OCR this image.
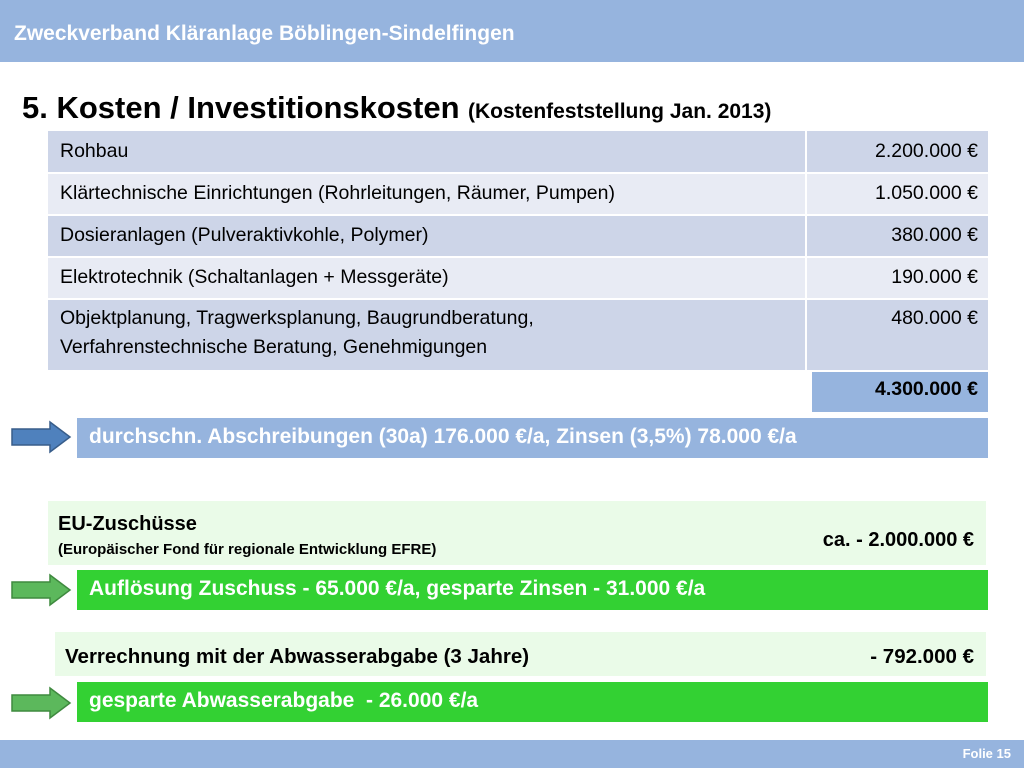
Zweckverband Kläranlage Böblingen-Sindelfingen
5. Kosten / Investitionskosten (Kostenfeststellung Jan. 2013)
Rohbau	2.200.000 €
Klärtechnische Einrichtungen (Rohrleitungen, Räumer, Pumpen)	1.050.000 €
Dosieranlagen (Pulveraktivkohle, Polymer)	380.000 €
Elektrotechnik (Schaltanlagen + Messgeräte)	190.000 €
Objektplanung, Tragwerksplanung, Baugrundberatung,
Verfahrenstechnische Beratung, Genehmigungen
480.000 €
4.300.000 €
durchschn. Abschreibungen (30a) 176.000 €/a, Zinsen (3,5%) 78.000 €/a
EU-Zuschüsse
(Europäischer Fond für regionale Entwicklung EFRE)	ca. - 2.000.000 €
Auflösung Zuschuss - 65.000 €/a, gesparte Zinsen - 31.000 €/a
Verrechnung mit der Abwasserabgabe (3 Jahre)	- 792.000 €
gesparte Abwasserabgabe  - 26.000 €/a
Folie 15
